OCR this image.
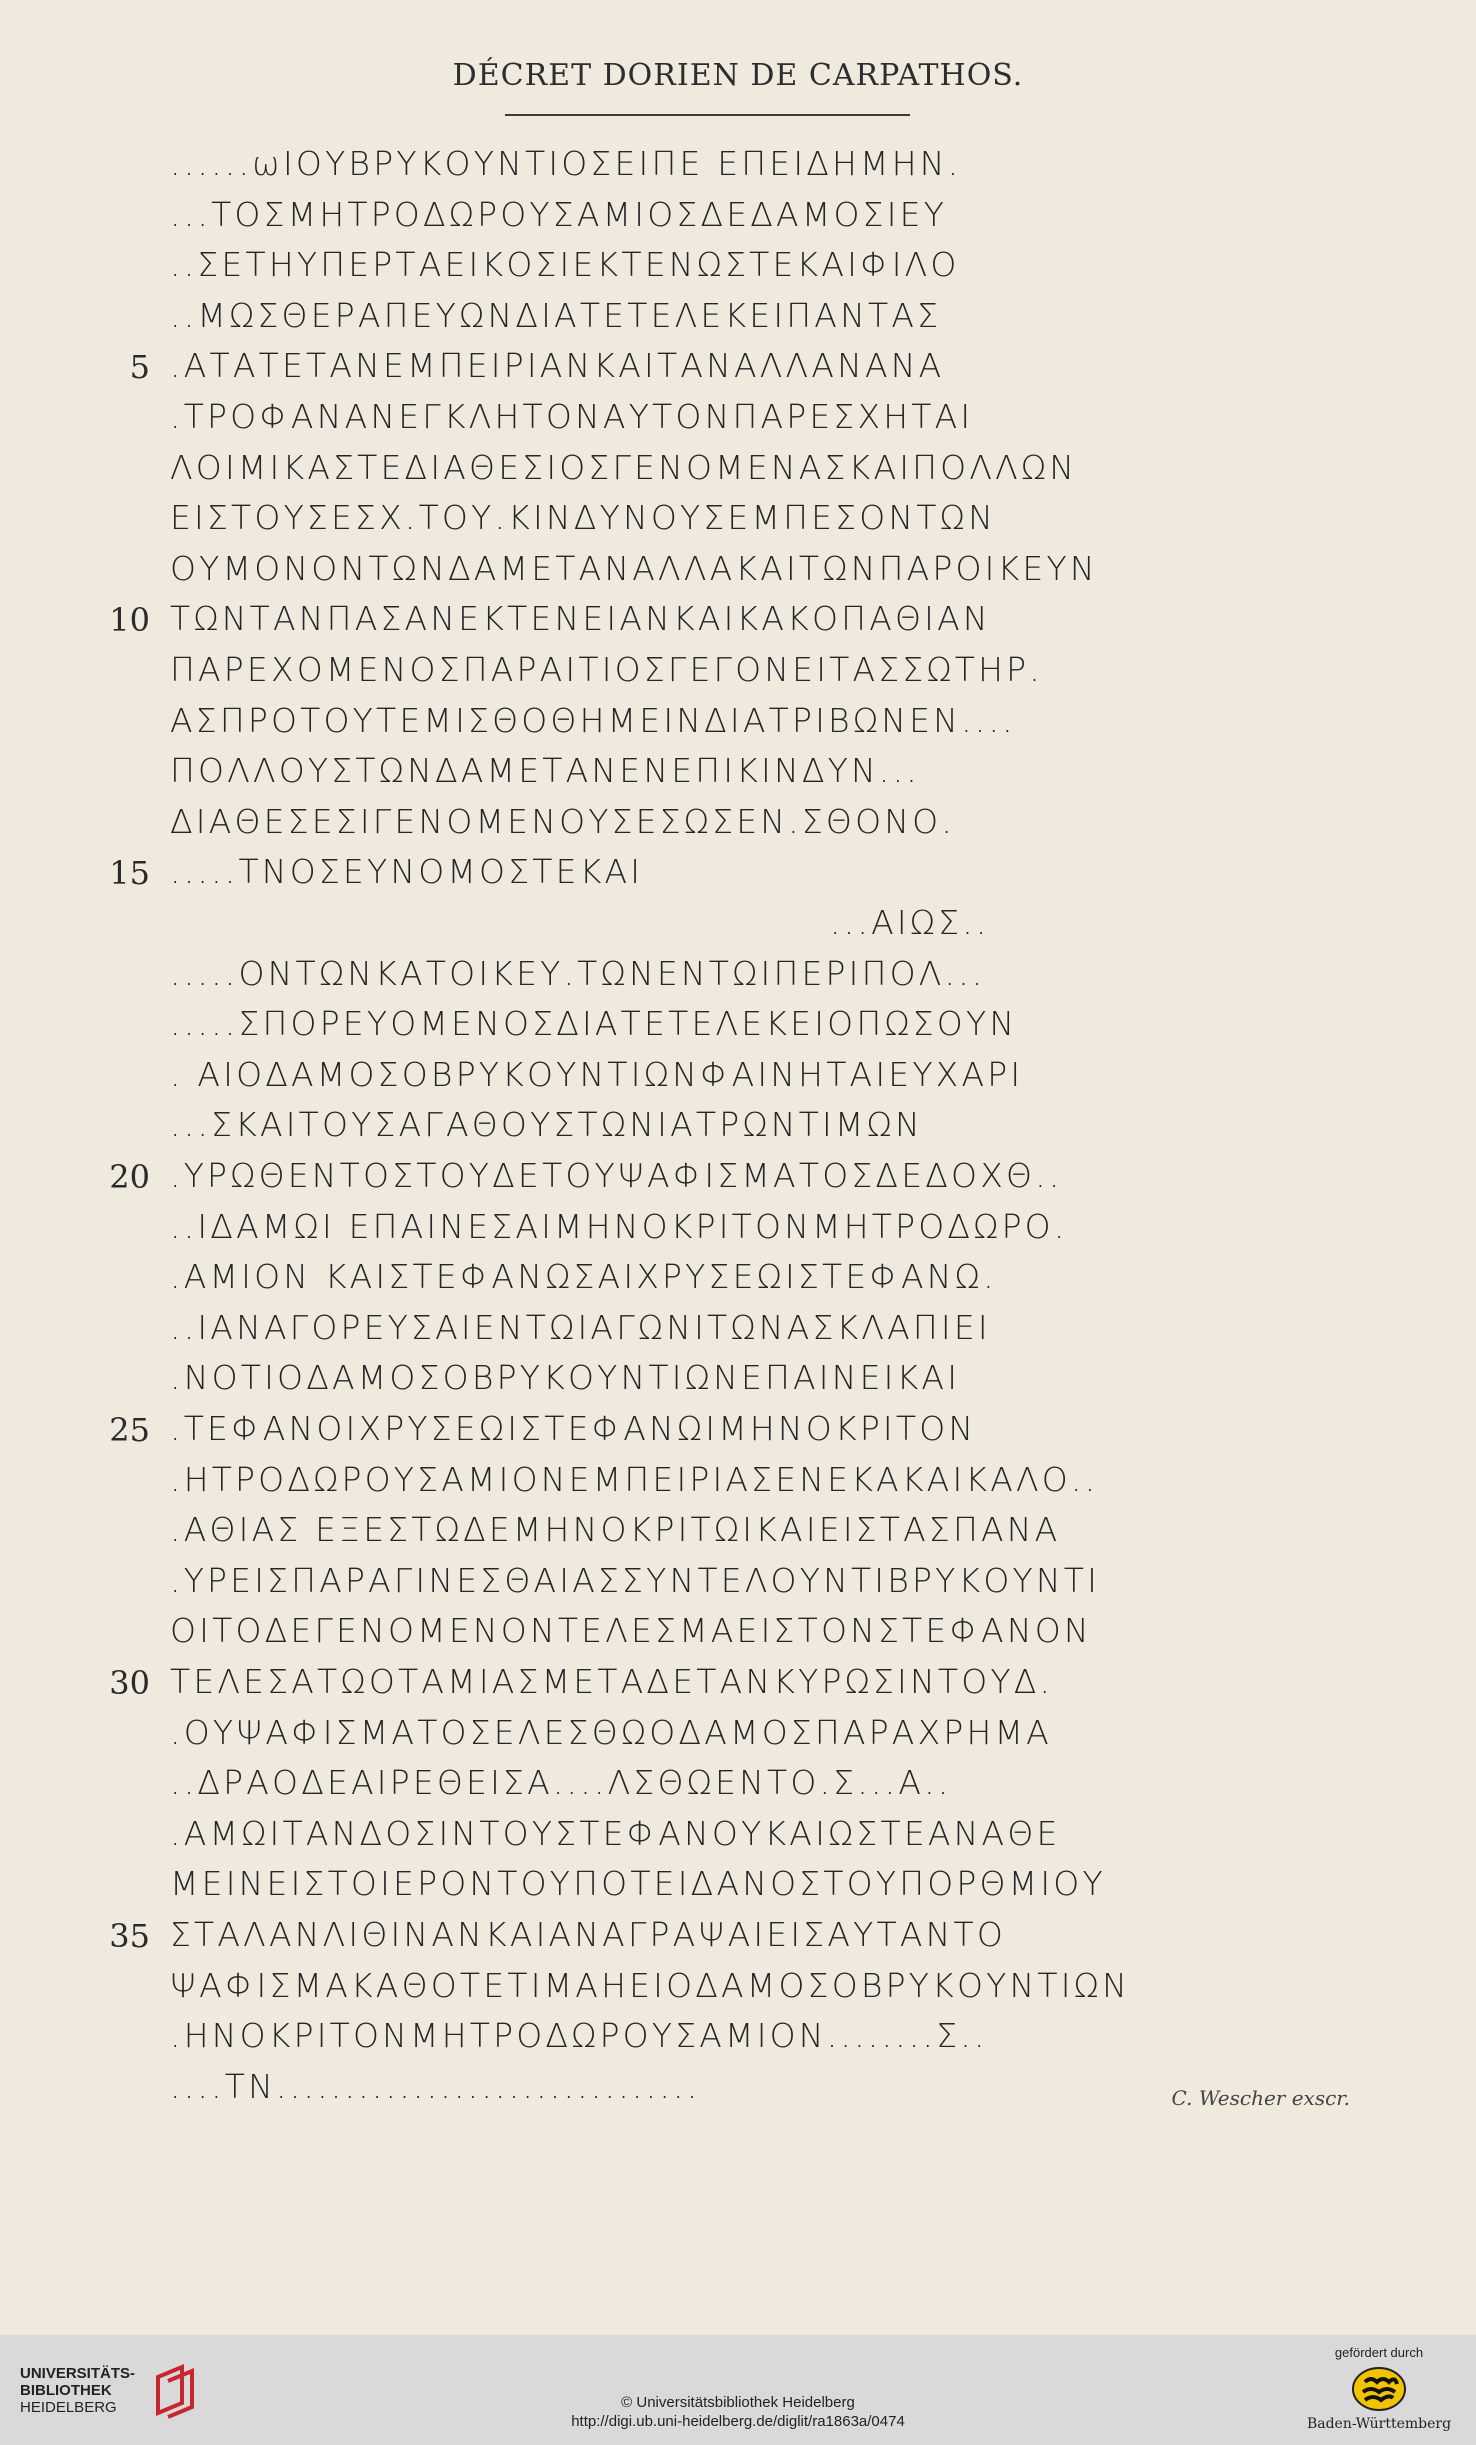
DÉCRET DORIEN DE CARPATHOS.
......ωΙΟΥΒΡΥΚΟΥΝΤΙΟΣΕΙΠΕ ΕΠΕΙΔΗΜΗΝ.
...ΤΟΣΜΗΤΡΟΔΩΡΟΥΣΑΜΙΟΣΔΕΔΑΜΟΣΙΕΥ
..ΣΕΤΗΥΠΕΡΤΑΕΙΚΟΣΙΕΚΤΕΝΩΣΤΕΚΑΙΦΙΛΟ
..ΜΩΣΘΕΡΑΠΕΥΩΝΔΙΑΤΕΤΕΛΕΚΕΙΠΑΝΤΑΣ
5 .ΑΤΑΤΕΤΑΝΕΜΠΕΙΡΙΑΝΚΑΙΤΑΝΑΛΛΑΝΑΝΑ
.ΤΡΟΦΑΝΑΝΕΓΚΛΗΤΟΝΑΥΤΟΝΠΑΡΕΣΧΗΤΑΙ
ΛΟΙΜΙΚΑΣΤΕΔΙΑΘΕΣΙΟΣΓΕΝΟΜΕΝΑΣΚΑΙΠΟΛΛΩΝ
ΕΙΣΤΟΥΣΕΣΧ.ΤΟΥ.ΚΙΝΔΥΝΟΥΣΕΜΠΕΣΟΝΤΩΝ
ΟΥΜΟΝΟΝΤΩΝΔΑΜΕΤΑΝΑΛΛΑΚΑΙΤΩΝΠΑΡΟΙΚΕΥΝ
10 ΤΩΝΤΑΝΠΑΣΑΝΕΚΤΕΝΕΙΑΝΚΑΙΚΑΚΟΠΑΘΙΑΝ
ΠΑΡΕΧΟΜΕΝΟΣΠΑΡΑΙΤΙΟΣΓΕΓΟΝΕΙΤΑΣΣΩΤΗΡ.
ΑΣΠΡΟΤΟΥΤΕΜΙΣΘΟΘΗΜΕΙΝΔΙΑΤΡΙΒΩΝΕΝ....
ΠΟΛΛΟΥΣΤΩΝΔΑΜΕΤΑΝΕΝΕΠΙΚΙΝΔΥΝ...
ΔΙΑΘΕΣΕΣΙΓΕΝΟΜΕΝΟΥΣΕΣΩΣΕΝ.ΣΘΟΝΟ.
15 .....ΤΝΟΣΕΥΝΟΜΟΣΤΕΚΑΙ
...ΑΙΩΣ..
.....ΟΝΤΩΝΚΑΤΟΙΚΕΥ.ΤΩΝΕΝΤΩΙΠΕΡΙΠΟΛ...
.....ΣΠΟΡΕΥΟΜΕΝΟΣΔΙΑΤΕΤΕΛΕΚΕΙΟΠΩΣΟΥΝ
. ΑΙΟΔΑΜΟΣΟΒΡΥΚΟΥΝΤΙΩΝΦΑΙΝΗΤΑΙΕΥΧΑΡΙ
...ΣΚΑΙΤΟΥΣΑΓΑΘΟΥΣΤΩΝΙΑΤΡΩΝΤΙΜΩΝ
20 .ΥΡΩΘΕΝΤΟΣΤΟΥΔΕΤΟΥΨΑΦΙΣΜΑΤΟΣΔΕΔΟΧΘ..
..ΙΔΑΜΩΙ ΕΠΑΙΝΕΣΑΙΜΗΝΟΚΡΙΤΟΝΜΗΤΡΟΔΩΡΟ.
.ΑΜΙΟΝ ΚΑΙΣΤΕΦΑΝΩΣΑΙΧΡΥΣΕΩΙΣΤΕΦΑΝΩ.
..ΙΑΝΑΓΟΡΕΥΣΑΙΕΝΤΩΙΑΓΩΝΙΤΩΝΑΣΚΛΑΠΙΕΙ
.ΝΟΤΙΟΔΑΜΟΣΟΒΡΥΚΟΥΝΤΙΩΝΕΠΑΙΝΕΙΚΑΙ
25 .ΤΕΦΑΝΟΙΧΡΥΣΕΩΙΣΤΕΦΑΝΩΙΜΗΝΟΚΡΙΤΟΝ
.ΗΤΡΟΔΩΡΟΥΣΑΜΙΟΝΕΜΠΕΙΡΙΑΣΕΝΕΚΑΚΑΙΚΑΛΟ..
.ΑΘΙΑΣ ΕΞΕΣΤΩΔΕΜΗΝΟΚΡΙΤΩΙΚΑΙΕΙΣΤΑΣΠΑΝΑ
.ΥΡΕΙΣΠΑΡΑΓΙΝΕΣΘΑΙΑΣΣΥΝΤΕΛΟΥΝΤΙΒΡΥΚΟΥΝΤΙ
ΟΙΤΟΔΕΓΕΝΟΜΕΝΟΝΤΕΛΕΣΜΑΕΙΣΤΟΝΣΤΕΦΑΝΟΝ
30 ΤΕΛΕΣΑΤΩΟΤΑΜΙΑΣΜΕΤΑΔΕΤΑΝΚΥΡΩΣΙΝΤΟΥΔ.
.ΟΥΨΑΦΙΣΜΑΤΟΣΕΛΕΣΘΩΟΔΑΜΟΣΠΑΡΑΧΡΗΜΑ
..ΔΡΑΟΔΕΑΙΡΕΘΕΙΣΑ....ΛΣΘΩΕΝΤΟ.Σ...Α..
.ΑΜΩΙΤΑΝΔΟΣΙΝΤΟΥΣΤΕΦΑΝΟΥΚΑΙΩΣΤΕΑΝΑΘΕ
ΜΕΙΝΕΙΣΤΟΙΕΡΟΝΤΟΥΠΟΤΕΙΔΑΝΟΣΤΟΥΠΟΡΘΜΙΟΥ
35 ΣΤΑΛΑΝΛΙΘΙΝΑΝΚΑΙΑΝΑΓΡΑΨΑΙΕΙΣΑΥΤΑΝΤΟ
ΨΑΦΙΣΜΑΚΑΘΟΤΕΤΙΜΑΗΕΙΟΔΑΜΟΣΟΒΡΥΚΟΥΝΤΙΩΝ
.ΗΝΟΚΡΙΤΟΝΜΗΤΡΟΔΩΡΟΥΣΑΜΙΟΝ........Σ..
....ΤΝ...............................	C. Wescher exscr.
UNIVERSITÄTS-
BIBLIOTHEK
HEIDELBERG	© Universitätsbibliothek Heidelberg
http://digi.ub.uni-heidelberg.de/diglit/ra1863a/0474
gefördert durch
Baden-Württemberg
